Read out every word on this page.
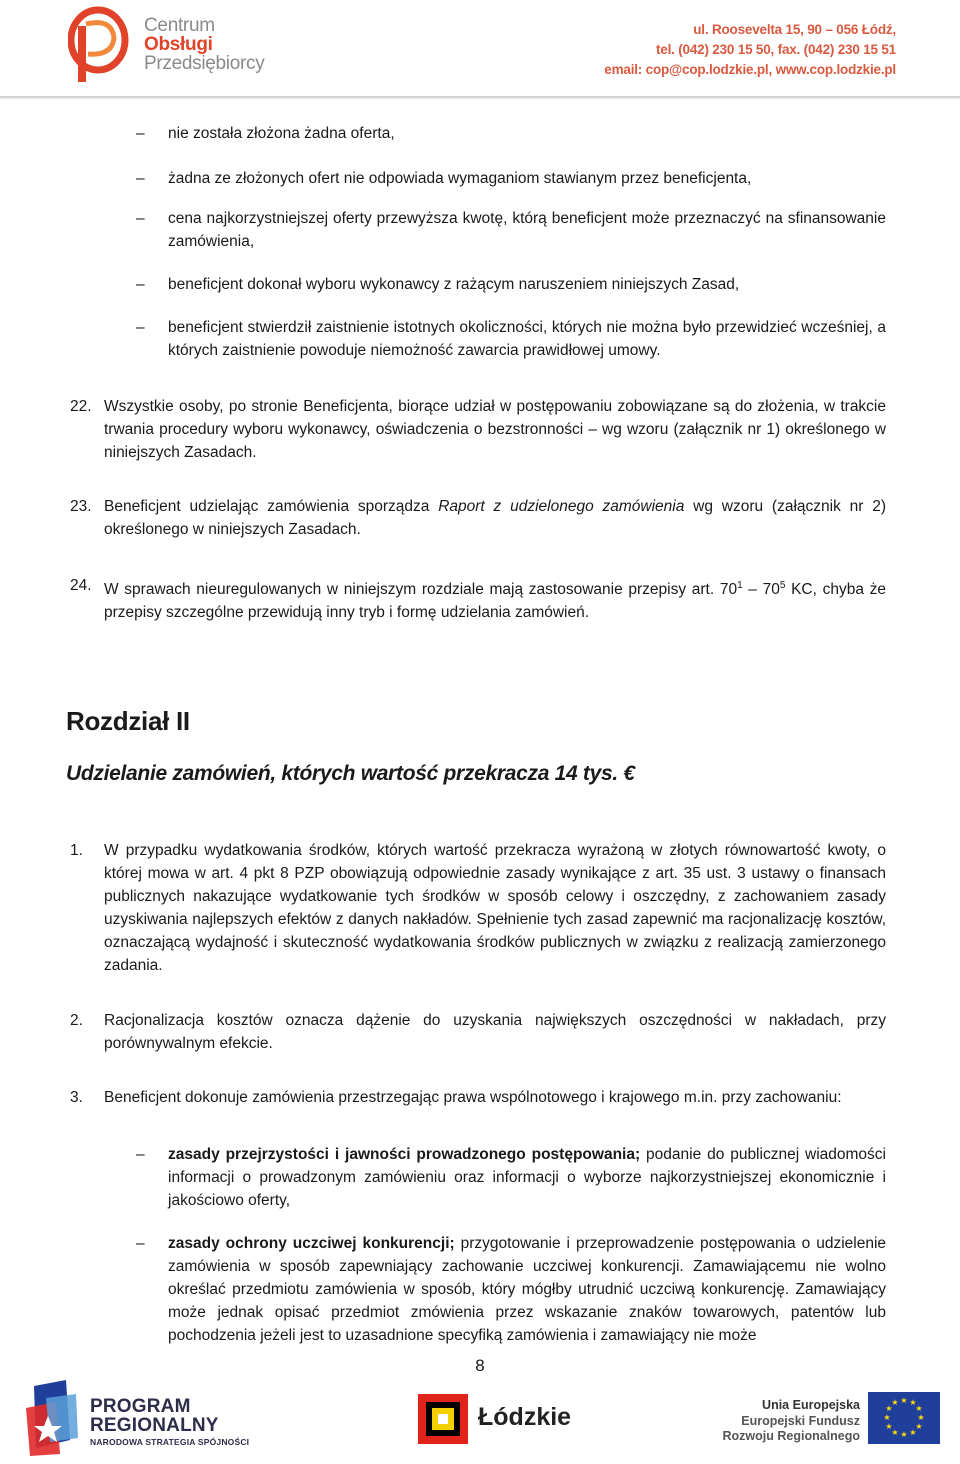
Centrum
Obsługi
Przedsiębiorcy
ul. Roosevelta 15, 90 – 056 Łódź,
tel. (042) 230 15 50, fax. (042) 230 15 51
email: cop@cop.lodzkie.pl, www.cop.lodzkie.pl
– nie została złożona żadna oferta,
– żadna ze złożonych ofert nie odpowiada wymaganiom stawianym przez beneficjenta,
– cena najkorzystniejszej oferty przewyższa kwotę, którą beneficjent może przeznaczyć na sfinansowanie zamówienia,
– beneficjent dokonał wyboru wykonawcy z rażącym naruszeniem niniejszych Zasad,
– beneficjent stwierdził zaistnienie istotnych okoliczności, których nie można było przewidzieć wcześniej, a których zaistnienie powoduje niemożność zawarcia prawidłowej umowy.
22. Wszystkie osoby, po stronie Beneficjenta, biorące udział w postępowaniu zobowiązane są do złożenia, w trakcie trwania procedury wyboru wykonawcy, oświadczenia o bezstronności – wg wzoru (załącznik nr 1) określonego w niniejszych Zasadach.
23. Beneficjent udzielając zamówienia sporządza Raport z udzielonego zamówienia wg wzoru (załącznik nr 2) określonego w niniejszych Zasadach.
24. W sprawach nieuregulowanych w niniejszym rozdziale mają zastosowanie przepisy art. $70^1 - 70^5$ KC, chyba że przepisy szczególne przewidują inny tryb i formę udzielania zamówień.
Rozdział II
Udzielanie zamówień, których wartość przekracza 14 tys. €
1. W przypadku wydatkowania środków, których wartość przekracza wyrażoną w złotych równowartość kwoty, o której mowa w art. 4 pkt 8 PZP obowiązują odpowiednie zasady wynikające z art. 35 ust. 3 ustawy o finansach publicznych nakazujące wydatkowanie tych środków w sposób celowy i oszczędny, z zachowaniem zasady uzyskiwania najlepszych efektów z danych nakładów. Spełnienie tych zasad zapewnić ma racjonalizację kosztów, oznaczającą wydajność i skuteczność wydatkowania środków publicznych w związku z realizacją zamierzonego zadania.
2. Racjonalizacja kosztów oznacza dążenie do uzyskania największych oszczędności w nakładach, przy porównywalnym efekcie.
3. Beneficjent dokonuje zamówienia przestrzegając prawa wspólnotowego i krajowego m.in. przy zachowaniu:
– zasady przejrzystości i jawności prowadzonego postępowania; podanie do publicznej wiadomości informacji o prowadzonym zamówieniu oraz informacji o wyborze najkorzystniejszej ekonomicznie i jakościowo oferty,
– zasady ochrony uczciwej konkurencji; przygotowanie i przeprowadzenie postępowania o udzielenie zamówienia w sposób zapewniający zachowanie uczciwej konkurencji. Zamawiającemu nie wolno określać przedmiotu zamówienia w sposób, który mógłby utrudnić uczciwą konkurencję. Zamawiający może jednak opisać przedmiot zmówienia przez wskazanie znaków towarowych, patentów lub pochodzenia jeżeli jest to uzasadnione specyfiką zamówienia i zamawiający nie może
8
PROGRAM
REGIONALNY
NARODOWA STRATEGIA SPÓJNOŚCI
Łódzkie	Unia Europejska
Europejski Fundusz
Rozwoju Regionalnego
★ ★
★
★
★
★
★
★
★
★
★
★
